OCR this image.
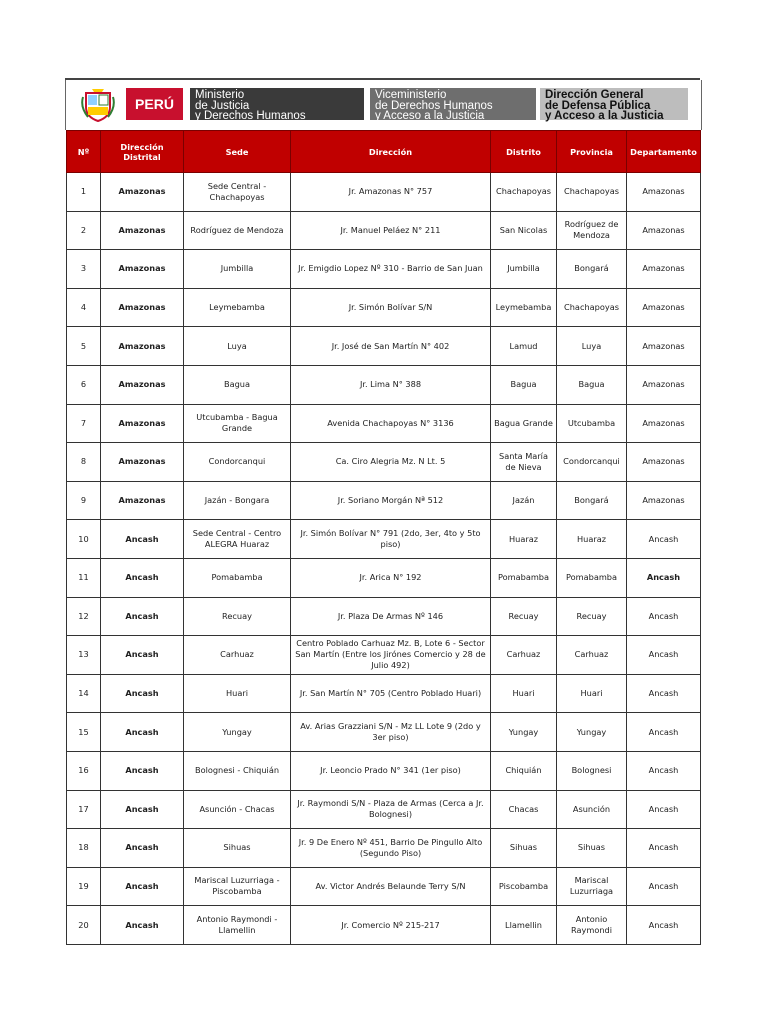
PERÚ
Ministerio
de Justicia
y Derechos Humanos
Viceministerio
de Derechos Humanos
y Acceso a la Justicia
Dirección General
de Defensa Pública
y Acceso a la Justicia
Nº	Dirección Distrital	Sede	Dirección	Distrito	Provincia	Departamento
1	Amazonas	Sede Central - Chachapoyas	Jr. Amazonas N° 757	Chachapoyas	Chachapoyas	Amazonas
2	Amazonas	Rodríguez de Mendoza	Jr. Manuel Peláez N° 211	San Nicolas	Rodríguez de Mendoza	Amazonas
3	Amazonas	Jumbilla	Jr. Emigdio Lopez Nº 310 - Barrio de San Juan	Jumbilla	Bongará	Amazonas
4	Amazonas	Leymebamba	Jr. Simón Bolívar S/N	Leymebamba	Chachapoyas	Amazonas
5	Amazonas	Luya	Jr. José de San Martín N° 402	Lamud	Luya	Amazonas
6	Amazonas	Bagua	Jr. Lima N° 388	Bagua	Bagua	Amazonas
7	Amazonas	Utcubamba - Bagua Grande	Avenida Chachapoyas N° 3136	Bagua Grande	Utcubamba	Amazonas
8	Amazonas	Condorcanqui	Ca. Ciro Alegria Mz. N Lt. 5	Santa María de Nieva	Condorcanqui	Amazonas
9	Amazonas	Jazán - Bongara	Jr. Soriano Morgán Nª 512	Jazán	Bongará	Amazonas
10	Ancash	Sede Central - Centro ALEGRA Huaraz	Jr. Simón Bolívar N° 791 (2do, 3er, 4to y 5to piso)	Huaraz	Huaraz	Ancash
11	Ancash	Pomabamba	Jr. Arica N° 192	Pomabamba	Pomabamba	Ancash
12	Ancash	Recuay	Jr. Plaza De Armas Nº 146	Recuay	Recuay	Ancash
13	Ancash	Carhuaz	Centro Poblado Carhuaz Mz. B, Lote 6 - Sector San Martín (Entre los Jirónes Comercio y 28 de Julio 492)	Carhuaz	Carhuaz	Ancash
14	Ancash	Huari	Jr. San Martín N° 705 (Centro Poblado Huari)	Huari	Huari	Ancash
15	Ancash	Yungay	Av. Arias Grazziani S/N - Mz LL Lote 9 (2do y 3er piso)	Yungay	Yungay	Ancash
16	Ancash	Bolognesi - Chiquián	Jr. Leoncio Prado N° 341 (1er piso)	Chiquián	Bolognesi	Ancash
17	Ancash	Asunción - Chacas	Jr. Raymondi S/N - Plaza de Armas (Cerca a Jr. Bolognesi)	Chacas	Asunción	Ancash
18	Ancash	Sihuas	Jr. 9 De Enero Nº 451, Barrio De Pingullo Alto (Segundo Piso)	Sihuas	Sihuas	Ancash
19	Ancash	Mariscal Luzurriaga - Piscobamba	Av. Victor Andrés Belaunde Terry S/N	Piscobamba	Mariscal Luzurriaga	Ancash
20	Ancash	Antonio Raymondi - Llamellin	Jr. Comercio Nº 215-217	Llamellin	Antonio Raymondi	Ancash
